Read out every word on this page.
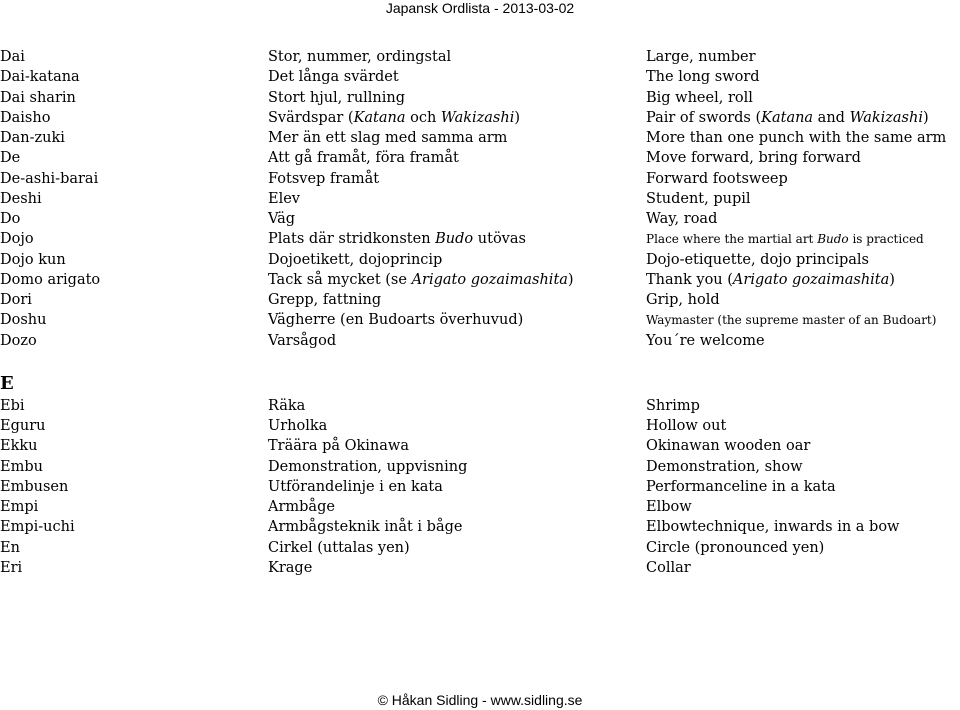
Japansk Ordlista - 2013-03-02
Dai	Stor, nummer, ordingstal	Large, number
Dai-katana	Det långa svärdet	The long sword
Dai sharin	Stort hjul, rullning	Big wheel, roll
Daisho	Svärdspar (Katana och Wakizashi)	Pair of swords (Katana and Wakizashi)
Dan-zuki	Mer än ett slag med samma arm	More than one punch with the same arm
De	Att gå framåt, föra framåt	Move forward, bring forward
De-ashi-barai	Fotsvep framåt	Forward footsweep
Deshi	Elev	Student, pupil
Do	Väg	Way, road
Dojo	Plats där stridkonsten Budo utövas	Place where the martial art Budo is practiced
Dojo kun	Dojoetikett, dojoprincip	Dojo-etiquette, dojo principals
Domo arigato	Tack så mycket (se Arigato gozaimashita)	Thank you (Arigato gozaimashita)
Dori	Grepp, fattning	Grip, hold
Doshu	Vägherre (en Budoarts överhuvud)	Waymaster (the supreme master of an Budoart)
Dozo	Varsågod	You´re welcome
E
Ebi	Räka	Shrimp
Eguru	Urholka	Hollow out
Ekku	Träära på Okinawa	Okinawan wooden oar
Embu	Demonstration, uppvisning	Demonstration, show
Embusen	Utförandelinje i en kata	Performanceline in a kata
Empi	Armbåge	Elbow
Empi-uchi	Armbågsteknik inåt i båge	Elbowtechnique, inwards in a bow
En	Cirkel (uttalas yen)	Circle (pronounced yen)
Eri	Krage	Collar
© Håkan Sidling - www.sidling.se
